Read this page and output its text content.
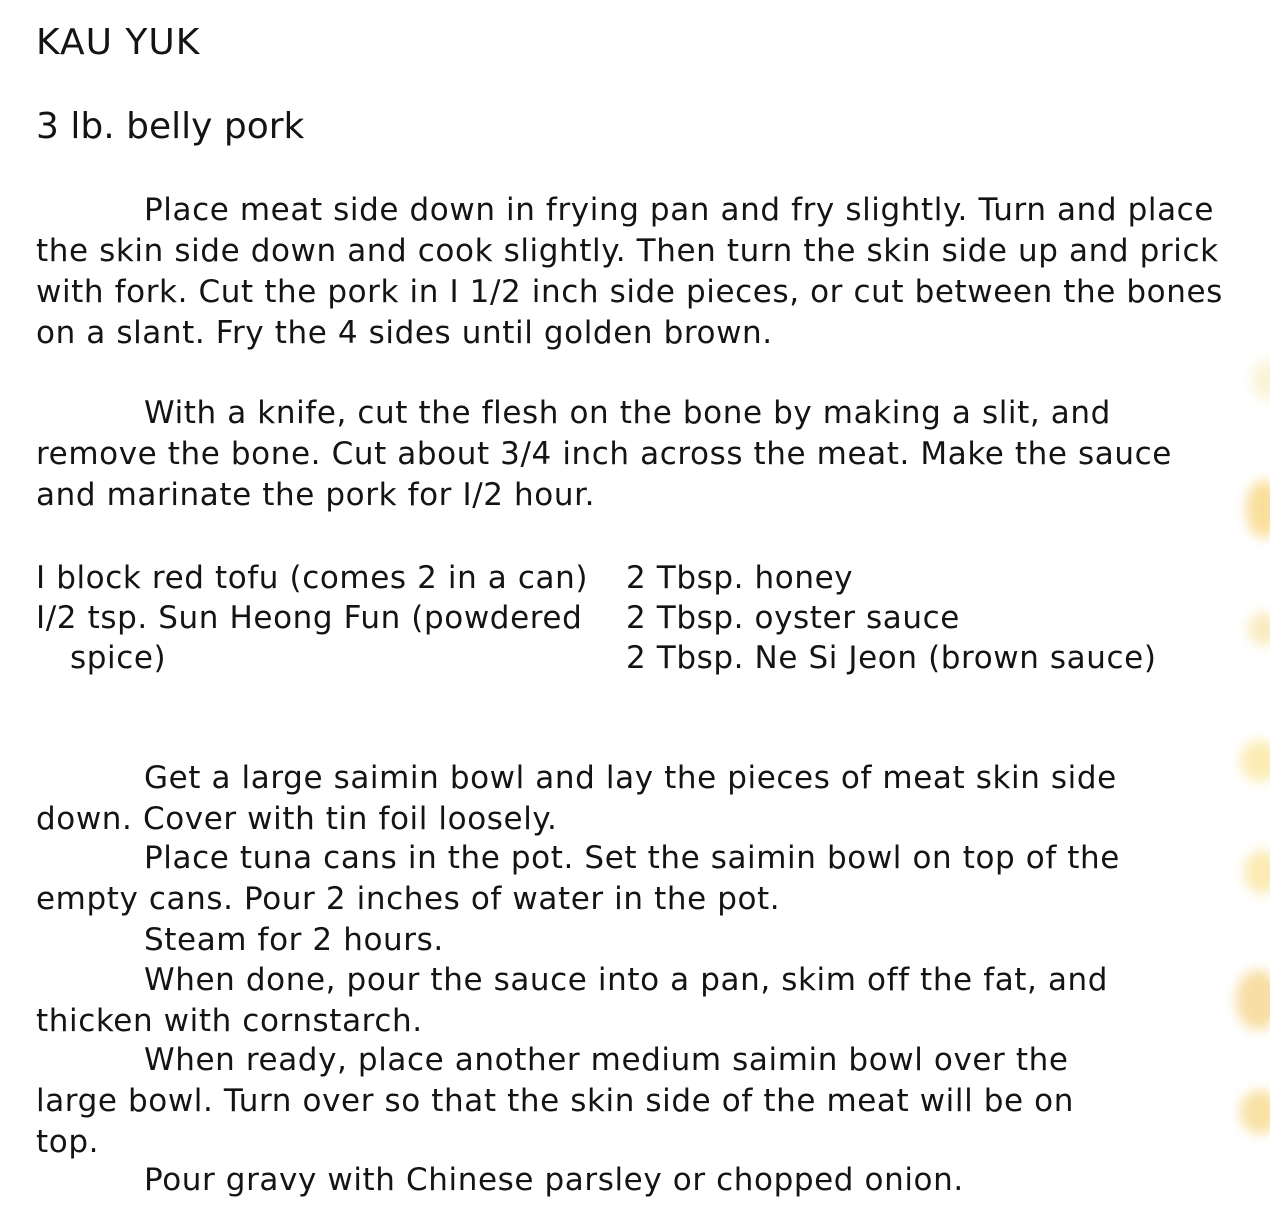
KAU YUK
3 lb. belly pork

Place meat side down in frying pan and fry slightly. Turn and place the skin side down and cook slightly. Then turn the skin side up and prick with fork. Cut the pork in I 1/2 inch side pieces, or cut between the bones on a slant. Fry the 4 sides until golden brown.

With a knife, cut the flesh on the bone by making a slit, and remove the bone. Cut about 3/4 inch across the meat. Make the sauce and marinate the pork for I/2 hour.

I block red tofu (comes 2 in a can)
I/2 tsp. Sun Heong Fun (powdered spice)
2 Tbsp. honey
2 Tbsp. oyster sauce
2 Tbsp. Ne Si Jeon (brown sauce)

Get a large saimin bowl and lay the pieces of meat skin side down. Cover with tin foil loosely.

Place tuna cans in the pot. Set the saimin bowl on top of the empty cans. Pour 2 inches of water in the pot.

Steam for 2 hours.

When done, pour the sauce into a pan, skim off the fat, and thicken with cornstarch.

When ready, place another medium saimin bowl over the large bowl. Turn over so that the skin side of the meat will be on top.

Pour gravy with Chinese parsley or chopped onion.
